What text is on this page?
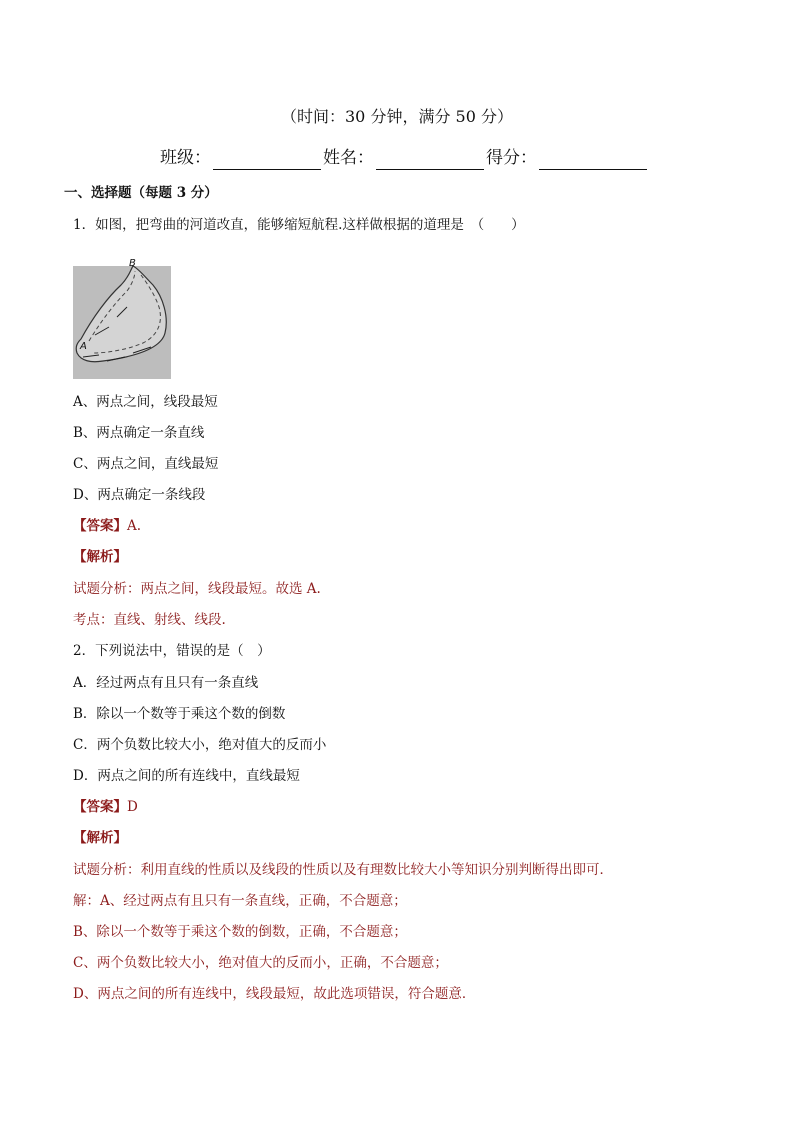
（时间：30 分钟，满分 50 分）
班级：	姓名：	得分：
一、选择题（每题 3 分）
1．如图，把弯曲的河道改直，能够缩短航程.这样做根据的道理是　（　　）
B
A
A、两点之间，线段最短
B、两点确定一条直线
C、两点之间，直线最短
D、两点确定一条线段
【答案】A.
【解析】
试题分析：两点之间，线段最短。故选 A.
考点：直线、射线、线段.
2．下列说法中，错误的是（　）
A．经过两点有且只有一条直线
B．除以一个数等于乘这个数的倒数
C．两个负数比较大小，绝对值大的反而小
D．两点之间的所有连线中，直线最短
【答案】D
【解析】
试题分析：利用直线的性质以及线段的性质以及有理数比较大小等知识分别判断得出即可．
解：A、经过两点有且只有一条直线，正确，不合题意；
B、除以一个数等于乘这个数的倒数，正确，不合题意；
C、两个负数比较大小，绝对值大的反而小，正确，不合题意；
D、两点之间的所有连线中，线段最短，故此选项错误，符合题意．
